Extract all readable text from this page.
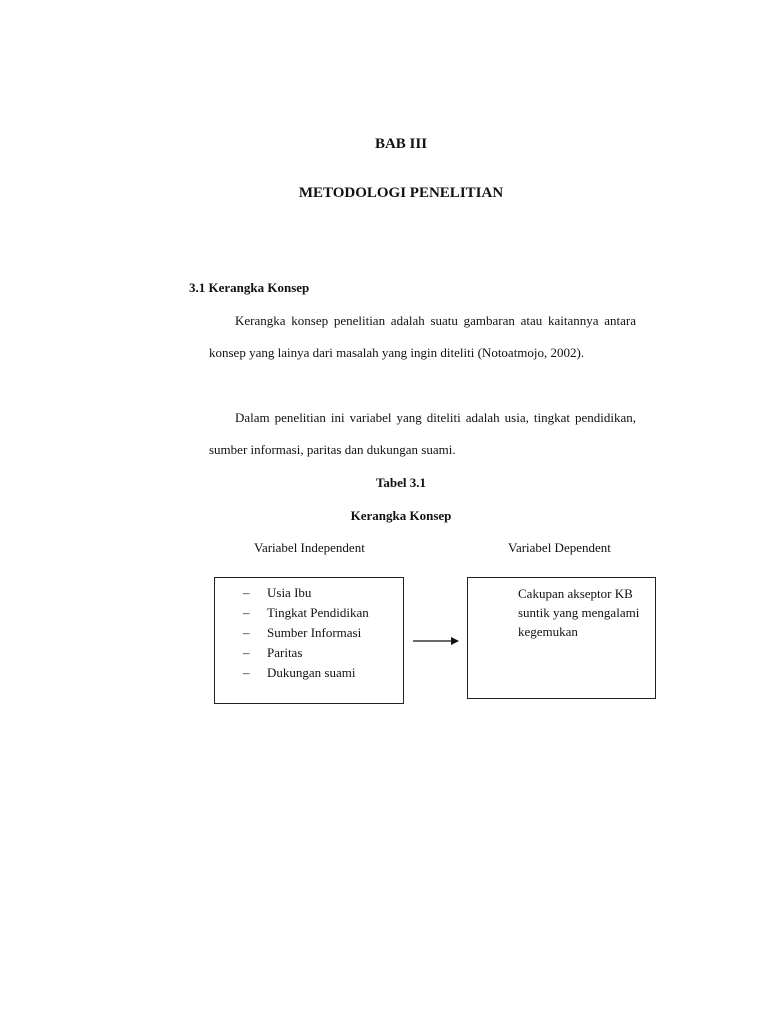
BAB III
METODOLOGI PENELITIAN
3.1 Kerangka Konsep

Kerangka konsep penelitian adalah suatu gambaran atau kaitannya antara konsep yang lainya dari masalah yang ingin diteliti (Notoatmojo, 2002).

Dalam penelitian ini variabel yang diteliti adalah usia, tingkat pendidikan, sumber informasi, paritas dan dukungan suami.

Tabel 3.1
Kerangka Konsep
Variabel Independent	Variabel Dependent
– Usia Ibu
– Tingkat Pendidikan
– Sumber Informasi
– Paritas
– Dukungan suami
Cakupan akseptor KB suntik yang mengalami kegemukan
